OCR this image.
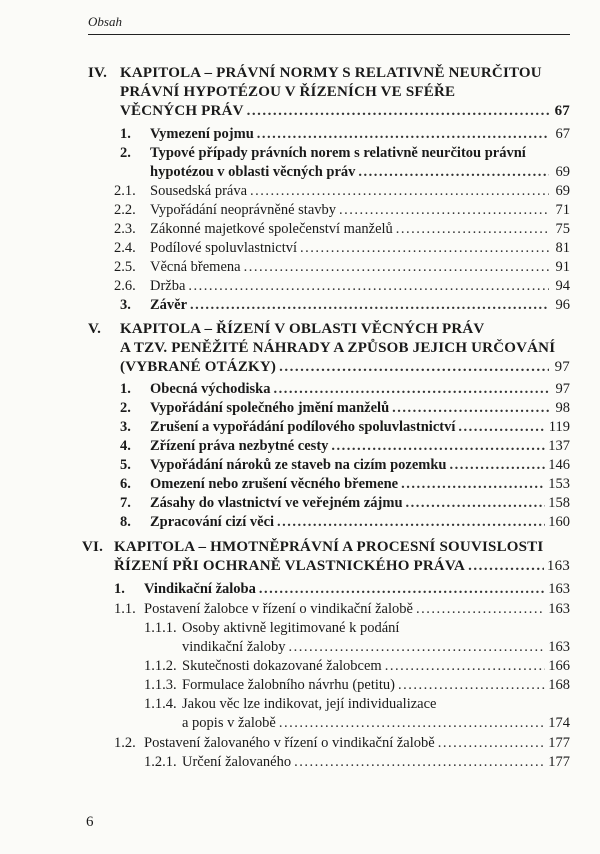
Obsah
IV. KAPITOLA – PRÁVNÍ NORMY S RELATIVNĚ NEURČITOU
PRÁVNÍ HYPOTÉZOU V ŘÍZENÍCH VE SFÉŘE
VĚCNÝCH PRÁV .....	67
1. Vymezení pojmu .....	67
2. Typové případy právních norem s relativně neurčitou právní
hypotézou v oblasti věcných práv .....	69
2.1. Sousedská práva .....	69
2.2. Vypořádání neoprávněné stavby .....	71
2.3. Zákonné majetkové společenství manželů .....	75
2.4. Podílové spoluvlastnictví .....	81
2.5. Věcná břemena .....	91
2.6. Držba .....	94
3. Závěr .....	96
V. KAPITOLA – ŘÍZENÍ V OBLASTI VĚCNÝCH PRÁV
A TZV. PENĚŽITÉ NÁHRADY A ZPŮSOB JEJICH URČOVÁNÍ
(VYBRANÉ OTÁZKY) .....	97
1. Obecná východiska .....	97
2. Vypořádání společného jmění manželů .....	98
3. Zrušení a vypořádání podílového spoluvlastnictví .....	119
4. Zřízení práva nezbytné cesty .....	137
5. Vypořádání nároků ze staveb na cizím pozemku .....	146
6. Omezení nebo zrušení věcného břemene .....	153
7. Zásahy do vlastnictví ve veřejném zájmu .....	158
8. Zpracování cizí věci .....	160
VI. KAPITOLA – HMOTNĚPRÁVNÍ A PROCESNÍ SOUVISLOSTI
ŘÍZENÍ PŘI OCHRANĚ VLASTNICKÉHO PRÁVA .....	163
1. Vindikační žaloba .....	163
1.1. Postavení žalobce v řízení o vindikační žalobě .....	163
1.1.1. Osoby aktivně legitimované k podání
vindikační žaloby .....	163
1.1.2. Skutečnosti dokazované žalobcem .....	166
1.1.3. Formulace žalobního návrhu (petitu) .....	168
1.1.4. Jakou věc lze indikovat, její individualizace
a popis v žalobě .....	174
1.2. Postavení žalovaného v řízení o vindikační žalobě .....	177
1.2.1. Určení žalovaného .....	177
6
